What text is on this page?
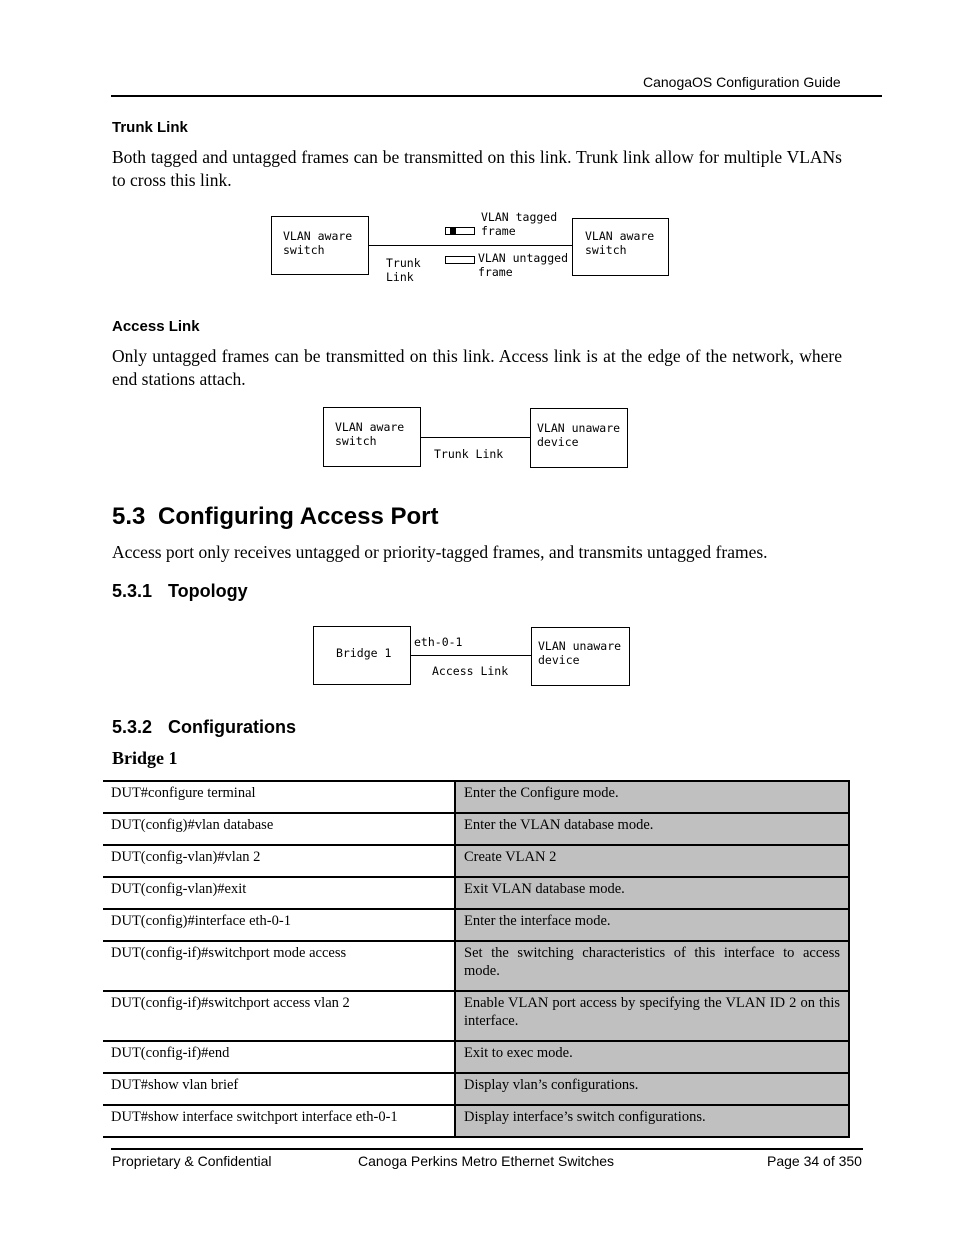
CanogaOS Configuration Guide
Trunk Link
Both tagged and untagged frames can be transmitted on this link. Trunk link allow for multiple VLANs to cross this link.
VLAN aware
switch
VLAN aware
switch
Trunk
Link
VLAN tagged
frame
VLAN untagged
frame
Access Link
Only untagged frames can be transmitted on this link. Access link is at the edge of the network, where end stations attach.
VLAN aware
switch
Trunk Link
VLAN unaware
device
5.3 Configuring Access Port
Access port only receives untagged or priority-tagged frames, and transmits untagged frames.
5.3.1 Topology
Bridge 1
eth-0-1
Access Link
VLAN unaware
device
5.3.2 Configurations
Bridge 1
DUT#configure terminal	Enter the Configure mode.
DUT(config)#vlan database	Enter the VLAN database mode.
DUT(config-vlan)#vlan 2	Create VLAN 2
DUT(config-vlan)#exit	Exit VLAN database mode.
DUT(config)#interface eth-0-1	Enter the interface mode.
DUT(config-if)#switchport mode access	Set the switching characteristics of this interface to access mode.
DUT(config-if)#switchport access vlan 2	Enable VLAN port access by specifying the VLAN ID 2 on this interface.
DUT(config-if)#end	Exit to exec mode.
DUT#show vlan brief	Display vlan’s configurations.
DUT#show interface switchport interface eth-0-1	Display interface’s switch configurations.
Proprietary & Confidential	Canoga Perkins Metro Ethernet Switches	Page 34 of 350
